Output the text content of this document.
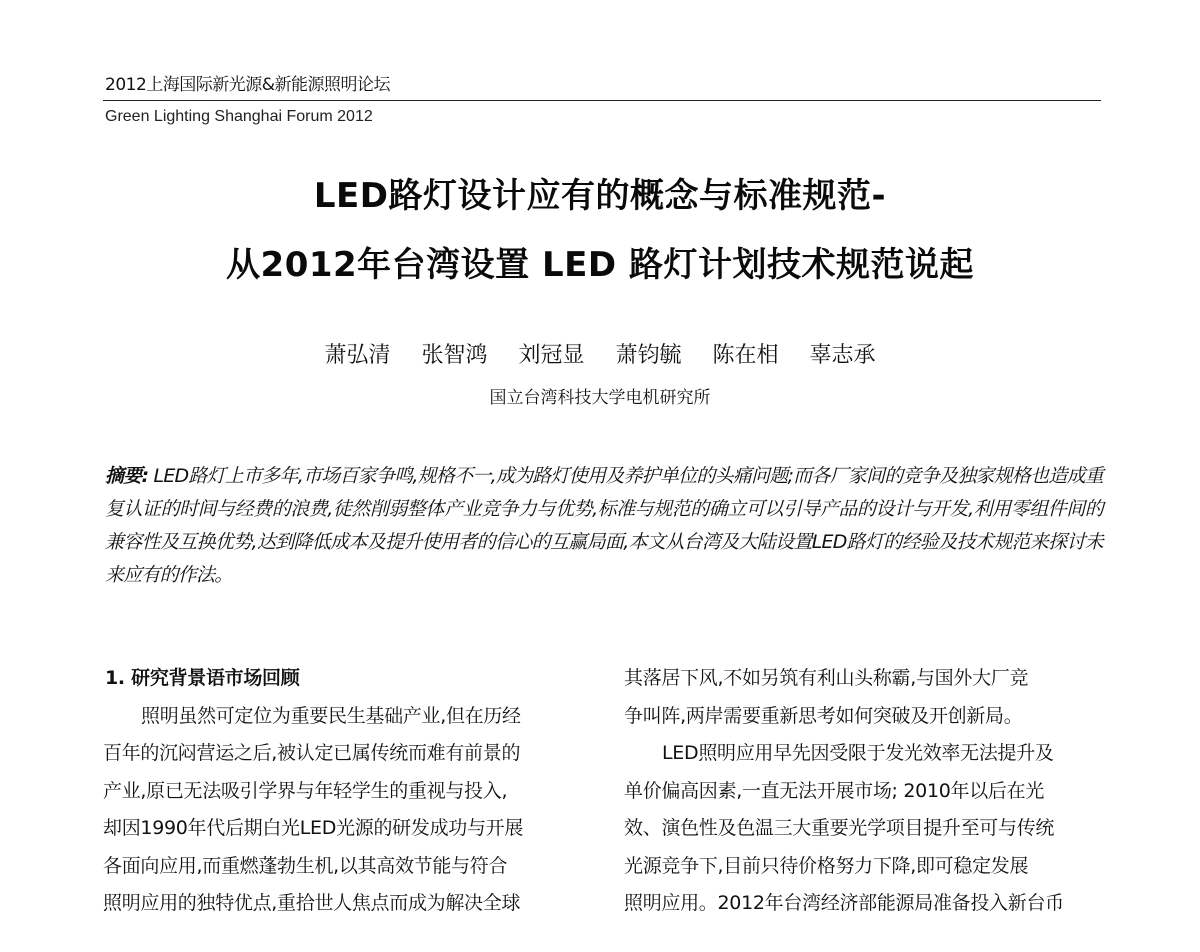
2012上海国际新光源&新能源照明论坛
Green Lighting Shanghai Forum 2012
LED路灯设计应有的概念与标准规范-
从2012年台湾设置 LED 路灯计划技术规范说起
萧弘清 张智鸿 刘冠显 萧钧毓 陈在相 辜志承
国立台湾科技大学电机研究所
摘要: LED路灯上市多年,市场百家争鸣,规格不一,成为路灯使用及养护单位的头痛问题;而各厂家间的竞争及独家规格也造成重复认证的时间与经费的浪费,徒然削弱整体产业竞争力与优势,标准与规范的确立可以引导产品的设计与开发,利用零组件间的兼容性及互换优势,达到降低成本及提升使用者的信心的互赢局面,本文从台湾及大陆设置LED路灯的经验及技术规范来探讨未来应有的作法。
1. 研究背景语市场回顾
照明虽然可定位为重要民生基础产业,但在历经
百年的沉闷营运之后,被认定已属传统而难有前景的
产业,原已无法吸引学界与年轻学生的重视与投入,
却因1990年代后期白光LED光源的研发成功与开展
各面向应用,而重燃蓬勃生机,以其高效节能与符合
照明应用的独特优点,重拾世人焦点而成为解决全球
其落居下风,不如另筑有利山头称霸,与国外大厂竞
争叫阵,两岸需要重新思考如何突破及开创新局。
LED照明应用早先因受限于发光效率无法提升及
单价偏高因素,一直无法开展市场; 2010年以后在光
效、演色性及色温三大重要光学项目提升至可与传统
光源竞争下,目前只待价格努力下降,即可稳定发展
照明应用。2012年台湾经济部能源局准备投入新台币
